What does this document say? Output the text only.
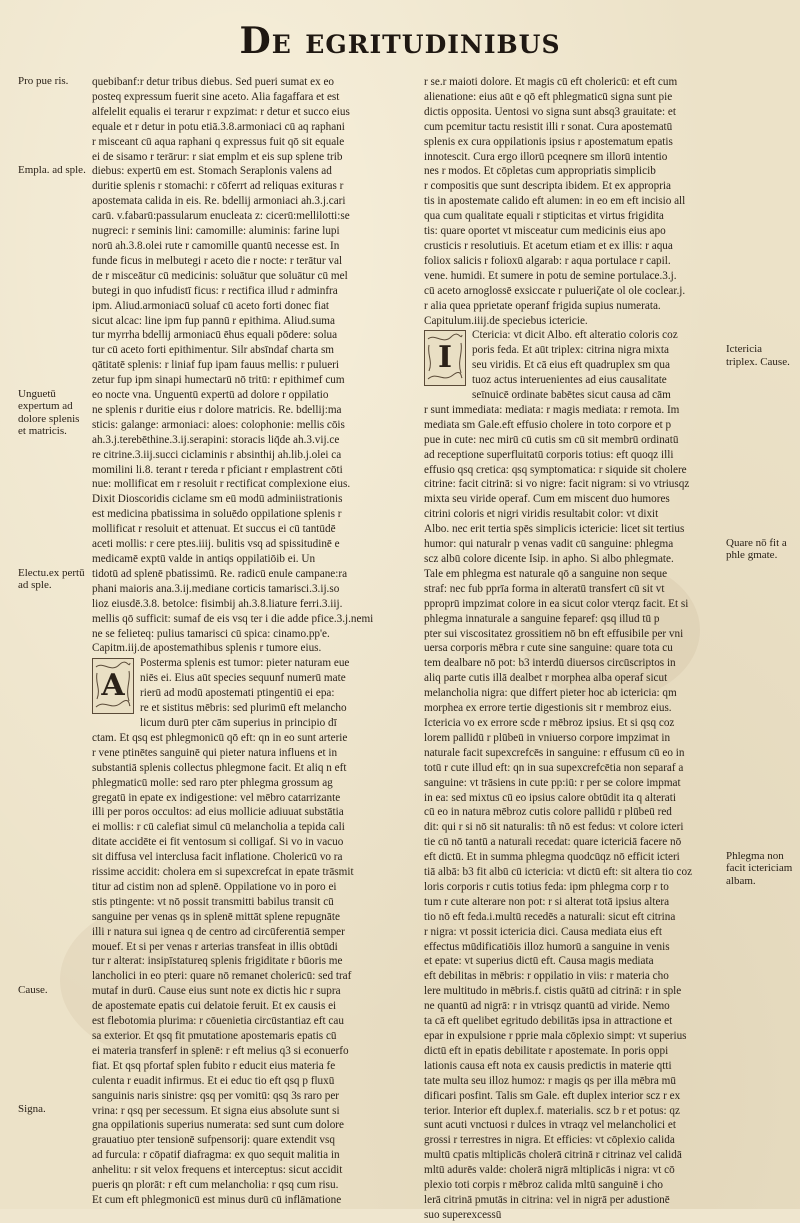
De egritudinibus
quebibanf:r detur tribus diebus. Sed pueri sumat ex eo
posteq expressum fuerit sine aceto. Alia fagaffara et est
alfelelit equalis ei terarur r expzimat: r detur et succo eius
equale et r detur in potu etiā.3.8.armoniaci cū aq raphani
r misceant cū aqua raphani q expressus fuit qō sit equale
ei de sisamo r terārur: r siat emplm et eis sup splene trib
diebus: expertū em est. Stomach Seraplonis valens ad
duritie splenis r stomachi: r cōferrt ad reliquas exituras r
apostemata calida in eis. Re. bdellij armoniaci ah.3.j.cari
carū. v.fabarū:passularum enucleata z: cicerū:mellilotti:se
nugreci: r seminis lini: camomille: aluminis: farine lupi
norū ah.3.8.olei rute r camomille quantū necesse est. In
funde ficus in melbutegi r aceto die r nocte: r terātur val
de r misceātur cū medicinis: soluātur que soluātur cū mel
butegi in quo infudistī ficus: r rectifica illud r adminfra
ipm. Aliud.armoniacū soluaf cū aceto forti donec fiat
sicut alcac: line ipm fup pannū r epithima. Aliud.suma
tur myrrha bdellij armoniacū ēhus equali pōdere: solua
tur cū aceto forti epithimentur. Silr absīndaf charta sm
qātitatē splenis: r liniaf fup ipam fauus mellis: r pulueri
zetur fup ipm sinapi humectarū nō tritū: r epithimef cum
eo nocte vna. Unguentū expertū ad dolore r oppilatio
ne splenis r duritie eius r dolore matricis. Re. bdellij:ma
sticis: galange: armoniaci: aloes: colophonie: mellis cōis
ah.3.j.terebēthine.3.ij.serapini: storacis liq̄de ah.3.vij.ce
re citrine.3.iij.succi ciclaminis r absinthij ah.lib.j.olei ca
momilini li.8. terant r tereda r pficiant r emplastrent cōti
nue: mollificat em r resoluit r rectificat complexione eius.
Dixit Dioscoridis ciclame sm eū modū adminiistrationis
est medicina pbatissima in soluēdo oppilatione splenis r
mollificat r resoluit et attenuat. Et succus ei cū tantūdē
aceti mollis: r cere ptes.iiij. bulitis vsq ad spissitudinē e
medicamē exptū valde in antiqs oppilatiōib ei. Un
tidotū ad splenē pbatissimū. Re. radicū enule campane:ra
phani maioris ana.3.ij.mediane corticis tamarisci.3.ij.so
lioz eiusdē.3.8. betolce: fisimbij ah.3.8.liature ferri.3.iij.
mellis qō sufficit: sumaf de eis vsq ter i die adde pfice.3.j.nemi
ne se felieteq: pulius tamarisci cū spica: cinamo.pp'e.
Capitm.iij.de apostemathibus splenis r tumore eius.
A
Posterma splenis est tumor: pieter naturam eue
niēs ei. Eius aūt species sequunf numerū mate
rierū ad modū apostemati ptingentiū ei epa:
re et sistitus mēbris: sed plurimū eft melancho
licum durū pter cām superius in principio dī
ctam. Et qsq est phlegmonicū qō eft: qn in eo sunt arterie
r vene ptinētes sanguinē qui pieter natura influens et in
substantiā splenis collectus phlegmone facit. Et aliq n eft
phlegmaticū molle: sed raro pter phlegma grossum ag
gregatū in epate ex indigestione: vel mēbro catarrizante
illi per poros occultos: ad eius mollicie adiuuat substātia
ei mollis: r cū calefiat simul cū melancholia a tepida cali
ditate accidēte ei fit ventosum si colligaf. Si vo in vacuo
sit diffusa vel interclusa facit inflatione. Cholericū vo ra
rissime accidit: cholera em si supexcrefcat in epate trāsmit
titur ad cistim non ad splenē. Oppilatione vo in poro ei
stis ptingente: vt nō possit transmitti babilus transit cū
sanguine per venas qs in splenē mittāt splene repugnāte
illi r natura sui ignea q de centro ad circūferentiā semper
mouef. Et si per venas r arterias transfeat in illis obtūdi
tur r alterat: insipīstatureq splenis frigiditate r būoris me
lancholici in eo pteri: quare nō remanet cholericū: sed traf
mutaf in durū. Cause eius sunt note ex dictis hic r supra
de apostemate epatis cui delatoie feruit. Et ex causis ei
est flebotomia plurima: r cōuenietia circūstantiaz eft cau
sa exterior. Et qsq fit pmutatione apostemaris epatis cū
ei materia transferf in splenē: r eft melius q3 si econuerfo
fiat. Et qsq pfortaf splen fubito r educit eius materia fe
culenta r euadit infirmus. Et ei educ tio eft qsq p fluxū
sanguinis naris sinistre: qsq per vomitū: qsq 3s raro per
vrina: r qsq per secessum. Et signa eius absolute sunt si
gna oppilationis superius numerata: sed sunt cum dolore
grauatiuo pter tensionē sufpensorij: quare extendit vsq
ad furcula: r cōpatif diafragma: ex quo sequit malitia in
anhelitu: r sit velox frequens et interceptus: sicut accidit
pueris qn plorāt: r eft cum melancholia: r qsq cum risu.
Et cum eft phlegmonicū est minus durū cū inflāmatione
r se.r maioti dolore. Et magis cū eft cholericū: et eft cum
alienatione: eius aūt e qō eft phlegmaticū signa sunt pie
dictis opposita. Uentosi vo signa sunt absq3 grauitate: et
cum pcemitur tactu resistit illi r sonat. Cura apostematū
splenis ex cura oppilationis ipsius r apostematum epatis
innotescit. Cura ergo illorū pceqnere sm illorū intentio
nes r modos. Et cōpletas cum appropriatis simplicib
r compositis que sunt descripta ibidem. Et ex appropria
tis in apostemate calido eft alumen: in eo em eft incisio all
qua cum qualitate equali r stipticitas et virtus frigidita
tis: quare oportet vt misceatur cum medicinis eius apo
crusticis r resolutiuis. Et acetum etiam et ex illis: r aqua
foliox salicis r folioxū algarab: r aqua portulace r capil.
vene. humidi. Et sumere in potu de semine portulace.3.j.
cū aceto arnoglossē exsiccate r pulueriζate ol ole coclear.j.
r alia quea pprietate operanf frigida supius numerata.
Capitulum.iiij.de speciebus ictericie.
I
Ctericia: vt dicit Albo. eft alteratio coloris coz
poris feda. Et aūt triplex: citrina nigra mixta
seu viridis. Et cā eius eft quadruplex sm qua
tuoz actus interuenientes ad eius causalitate
seīnuicē ordinate babētes sicut causa ad cām
r sunt immediata: mediata: r magis mediata: r remota. Im
mediata sm Gale.eft effusio cholere in toto corpore et p
pue in cute: nec mirū cū cutis sm cū sit membrū ordinatū
ad receptione superfluitatū corporis totius: eft quoqz illi
effusio qsq cretica: qsq symptomatica: r siquide sit cholere
citrine: facit citrinā: si vo nigre: facit nigram: si vo vtriusqz
mixta seu viride operaf. Cum em miscent duo humores
citrini coloris et nigri viridis resultabit color: vt dixit
Albo. nec erit tertia spēs simplicis ictericie: licet sit tertius
humor: qui naturalr p venas vadit cū sanguine: phlegma
scz albū colore dicente Isip. in apho. Si albo phlegmate.
Tale em phlegma est naturale qō a sanguine non seque
straf: nec fub pprīa forma in alteratū transfert cū sit vt
pproprū impzimat colore in ea sicut color vterqz facit. Et si
phlegma innaturale a sanguine feparef: qsq illud tū p
pter sui viscositatez grossitiem nō bn eft effusibile per vni
uersa corporis mēbra r cute sine sanguine: quare tota cu
tem dealbare nō pot: b3 interdū diuersos circūscriptos in
aliq parte cutis illā dealbet r morphea alba operaf sicut
melancholia nigra: que differt pieter hoc ab ictericia: qm
morphea ex errore tertie digestionis sit r membroz eius.
Ictericia vo ex errore scde r mēbroz ipsius. Et si qsq coz
lorem pallidū r plūbeū in vniuerso corpore impzimat in
naturale facit supexcrefcēs in sanguine: r effusum cū eo in
totū r cute illud eft: qn in sua supexcrefcētia non separaf a
sanguine: vt trāsiens in cute pp:iū: r per se colore impmat
in ea: sed mixtus cū eo ipsius calore obtūdit ita q alterati
cū eo in natura mēbroz cutis colore pallidū r plūbeū red
dit: qui r si nō sit naturalis: tñ nō est fedus: vt colore icteri
tie cū nō tantū a naturali recedat: quare ictericiā facere nō
eft dictū. Et in summa phlegma quodcūqz nō efficit icteri
tiā albā: b3 fit albū cū ictericia: vt dictū eft: sit altera tio coz
loris corporis r cutis totius feda: ipm phlegma corp r to
tum r cute alterare non pot: r si alterat totā ipsius altera
tio nō eft feda.i.multū recedēs a naturali: sicut eft citrina
r nigra: vt possit ictericia dici. Causa mediata eius eft
effectus mūdificatiōis illoz humorū a sanguine in venis
et epate: vt superius dictū eft. Causa magis mediata
eft debilitas in mēbris: r oppilatio in viis: r materia cho
lere multitudo in mēbris.f. cistis quātū ad citrinā: r in sple
ne quantū ad nigrā: r in vtrisqz quantū ad viride. Nemo
ta cā eft quelibet egritudo debilitās ipsa in attractione et
epar in expulsione r pprie mala cōplexio simpt: vt superius
dictū eft in epatis debilitate r apostemate. In poris oppi
lationis causa eft nota ex causis predictis in materie qtti
tate multa seu illoz humoz: r magis qs per illa mēbra mū
dificari posfint. Talis sm Gale. eft duplex interior scz r ex
terior. Interior eft duplex.f. materialis. scz b r et potus: qz
sunt acuti vnctuosi r dulces in vtraqz vel melancholici et
grossi r terrestres in nigra. Et efficies: vt cōplexio calida
multū cpatis mltiplicās cholerā citrinā r citrinaz vel calidā
mltū adurēs valde: cholerā nigrā mltiplicās i nigra: vt cō
plexio toti corpis r mēbroz calida mltū sanguinē i cho
lerā citrinā pmutās in citrina: vel in nigrā per adustionē
suo superexcessū
Pro pue ris.
Empla. ad sple.
Unguetū expertum ad dolore splenis et matricis.
Electu.ex pertū ad sple.
Cause.
Signa.
Ictericia triplex. Cause.
Quare nō fit a phle gmate.
Phlegma non facit ictericiam albam.
